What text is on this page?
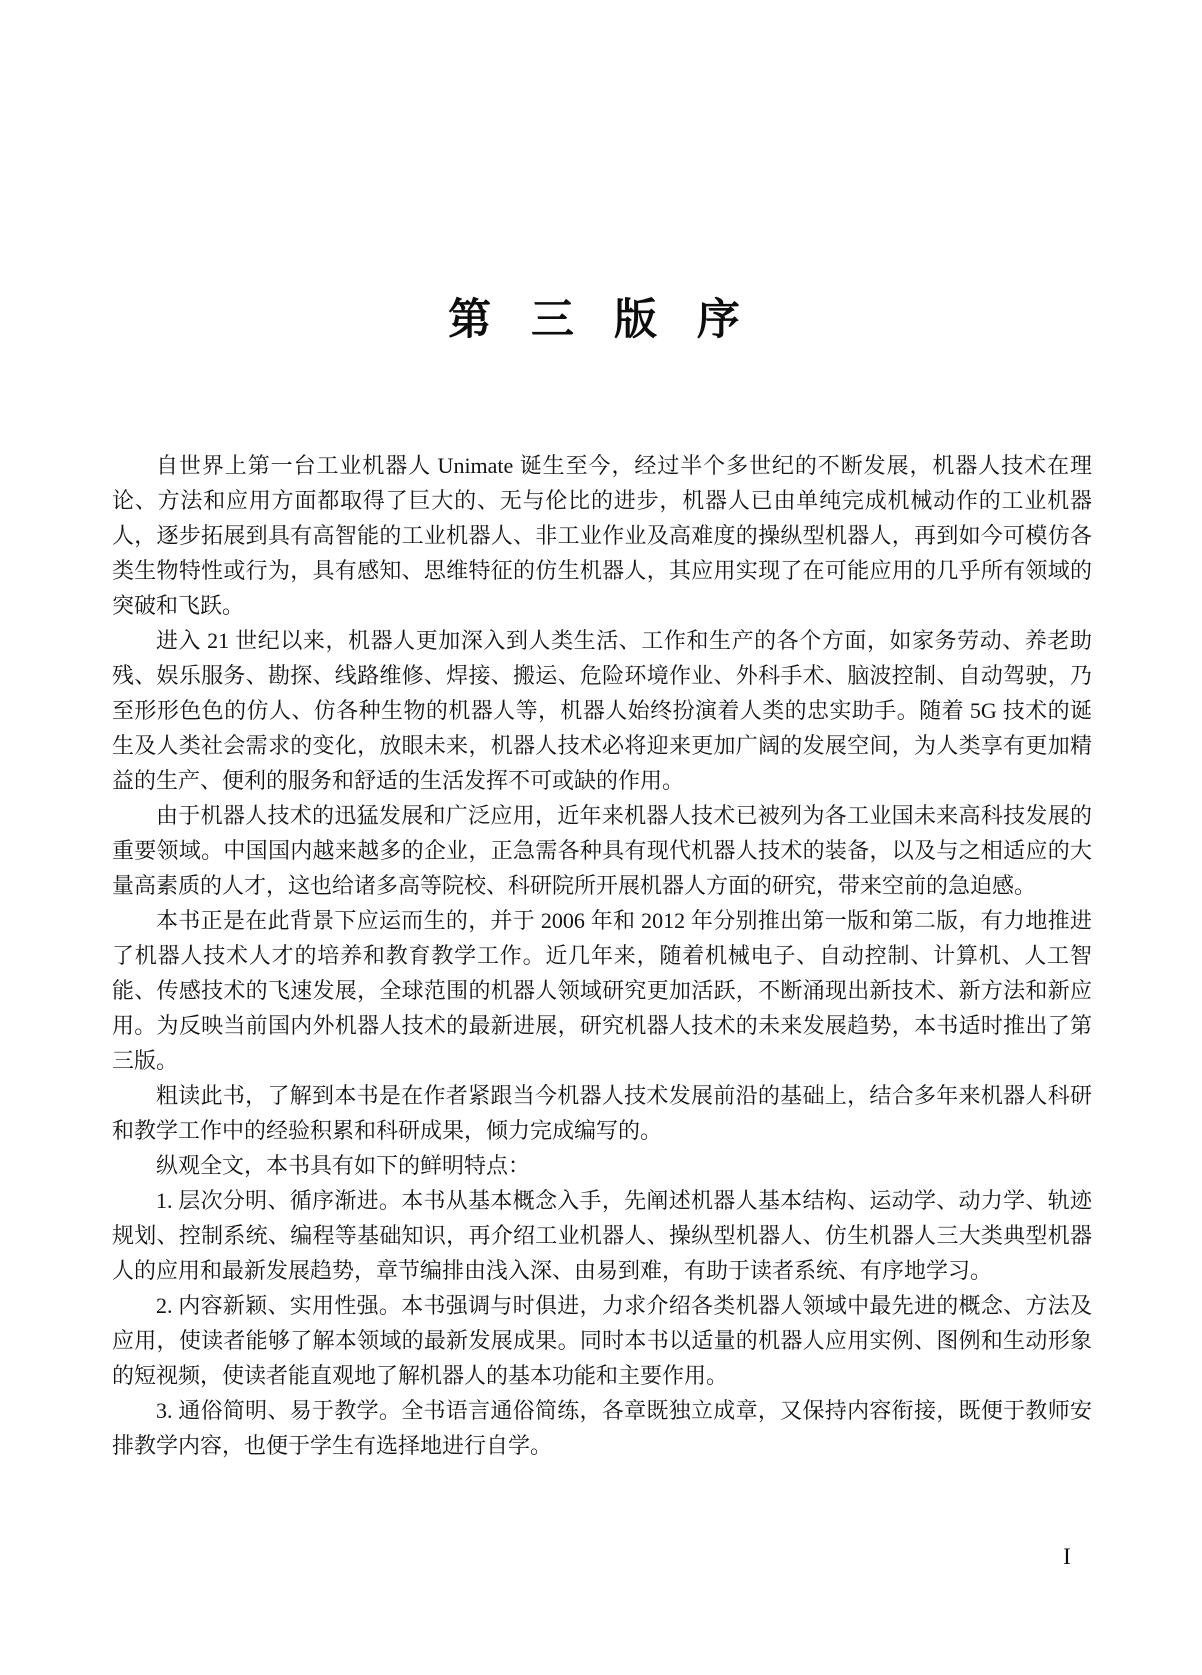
第 三 版 序

自世界上第一台工业机器人 Unimate 诞生至今，经过半个多世纪的不断发展，机器人技术在理论、方法和应用方面都取得了巨大的、无与伦比的进步，机器人已由单纯完成机械动作的工业机器人，逐步拓展到具有高智能的工业机器人、非工业作业及高难度的操纵型机器人，再到如今可模仿各类生物特性或行为，具有感知、思维特征的仿生机器人，其应用实现了在可能应用的几乎所有领域的突破和飞跃。

进入 21 世纪以来，机器人更加深入到人类生活、工作和生产的各个方面，如家务劳动、养老助残、娱乐服务、勘探、线路维修、焊接、搬运、危险环境作业、外科手术、脑波控制、自动驾驶，乃至形形色色的仿人、仿各种生物的机器人等，机器人始终扮演着人类的忠实助手。随着 5G 技术的诞生及人类社会需求的变化，放眼未来，机器人技术必将迎来更加广阔的发展空间，为人类享有更加精益的生产、便利的服务和舒适的生活发挥不可或缺的作用。

由于机器人技术的迅猛发展和广泛应用，近年来机器人技术已被列为各工业国未来高科技发展的重要领域。中国国内越来越多的企业，正急需各种具有现代机器人技术的装备，以及与之相适应的大量高素质的人才，这也给诸多高等院校、科研院所开展机器人方面的研究，带来空前的急迫感。

本书正是在此背景下应运而生的，并于 2006 年和 2012 年分别推出第一版和第二版，有力地推进了机器人技术人才的培养和教育教学工作。近几年来，随着机械电子、自动控制、计算机、人工智能、传感技术的飞速发展，全球范围的机器人领域研究更加活跃，不断涌现出新技术、新方法和新应用。为反映当前国内外机器人技术的最新进展，研究机器人技术的未来发展趋势，本书适时推出了第三版。

粗读此书，了解到本书是在作者紧跟当今机器人技术发展前沿的基础上，结合多年来机器人科研和教学工作中的经验积累和科研成果，倾力完成编写的。

纵观全文，本书具有如下的鲜明特点：

1. 层次分明、循序渐进。本书从基本概念入手，先阐述机器人基本结构、运动学、动力学、轨迹规划、控制系统、编程等基础知识，再介绍工业机器人、操纵型机器人、仿生机器人三大类典型机器人的应用和最新发展趋势，章节编排由浅入深、由易到难，有助于读者系统、有序地学习。

2. 内容新颖、实用性强。本书强调与时俱进，力求介绍各类机器人领域中最先进的概念、方法及应用，使读者能够了解本领域的最新发展成果。同时本书以适量的机器人应用实例、图例和生动形象的短视频，使读者能直观地了解机器人的基本功能和主要作用。

3. 通俗简明、易于教学。全书语言通俗简练，各章既独立成章，又保持内容衔接，既便于教师安排教学内容，也便于学生有选择地进行自学。

I
